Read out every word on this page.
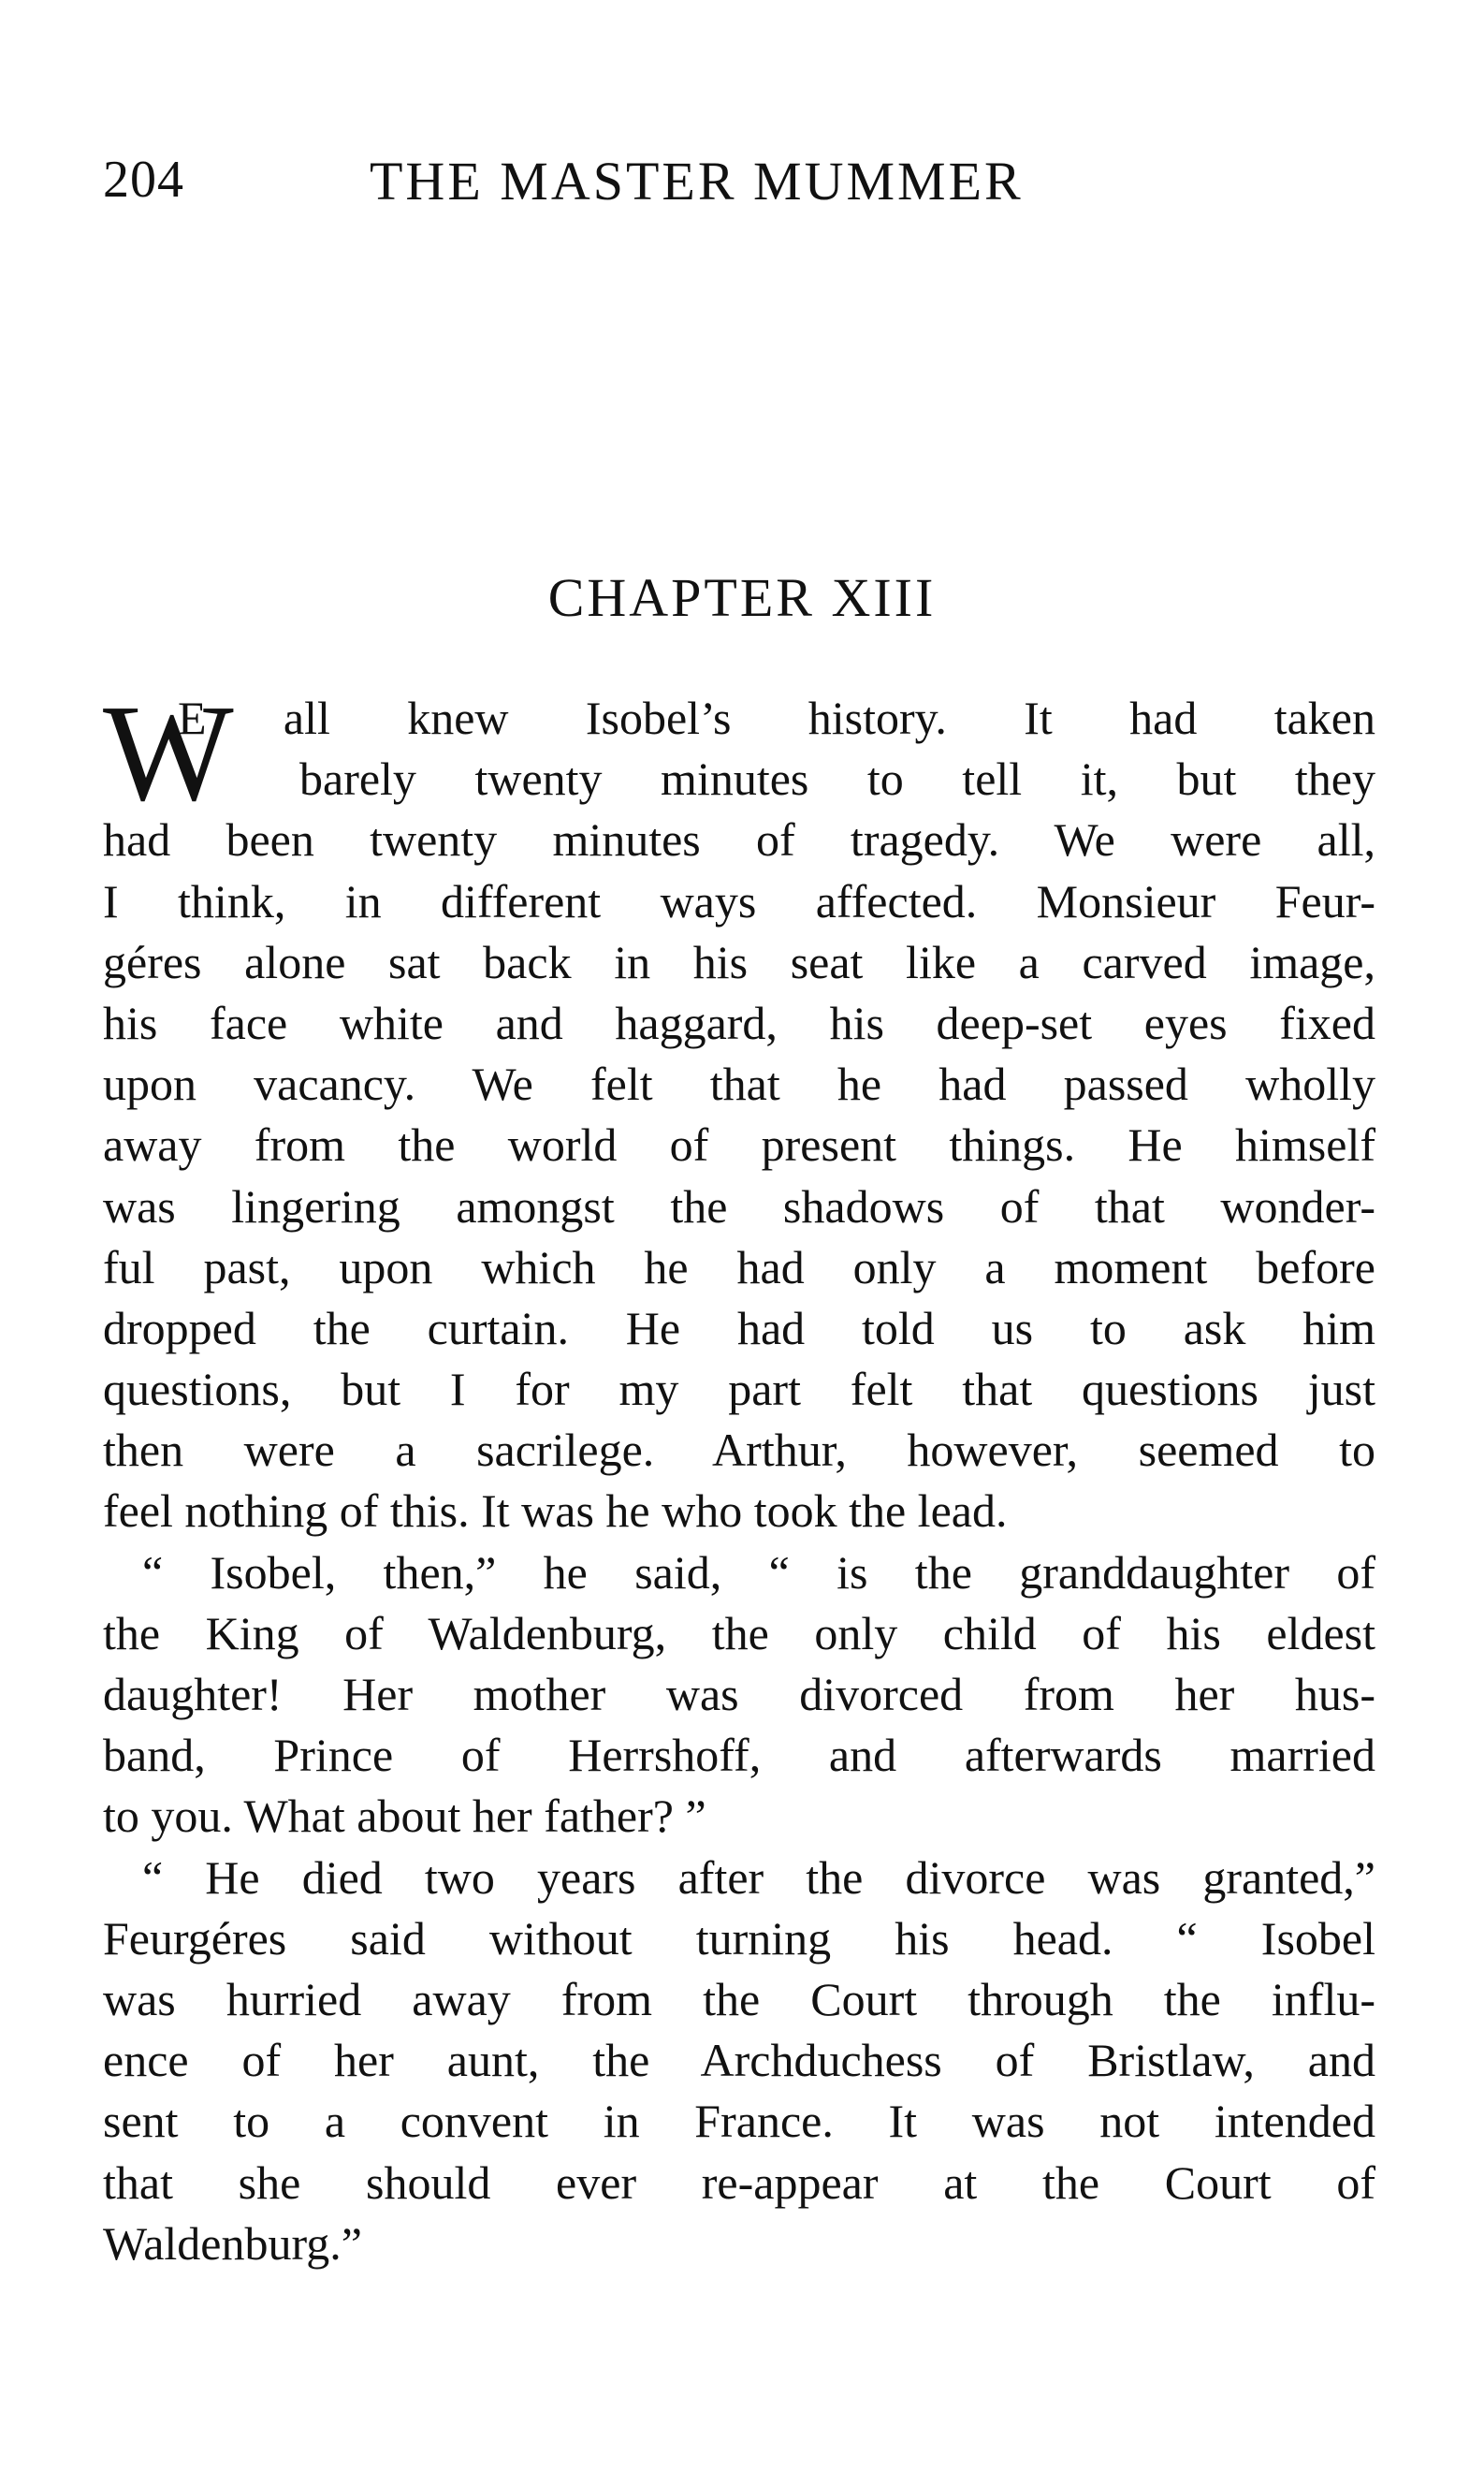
204	THE MASTER MUMMER
CHAPTER XIII
W
E all knew Isobel’s history. It had taken
barely twenty minutes to tell it, but they
had been twenty minutes of tragedy. We were all,
I think, in different ways affected. Monsieur Feur-
géres alone sat back in his seat like a carved image,
his face white and haggard, his deep-set eyes fixed
upon vacancy. We felt that he had passed wholly
away from the world of present things. He himself
was lingering amongst the shadows of that wonder-
ful past, upon which he had only a moment before
dropped the curtain. He had told us to ask him
questions, but I for my part felt that questions just
then were a sacrilege. Arthur, however, seemed to
feel nothing of this. It was he who took the lead.
“ Isobel, then,” he said, “ is the granddaughter of
the King of Waldenburg, the only child of his eldest
daughter! Her mother was divorced from her hus-
band, Prince of Herrshoff, and afterwards married
to you. What about her father? ”
“ He died two years after the divorce was granted,”
Feurgéres said without turning his head. “ Isobel
was hurried away from the Court through the influ-
ence of her aunt, the Archduchess of Bristlaw, and
sent to a convent in France. It was not intended
that she should ever re-appear at the Court of
Waldenburg.”
